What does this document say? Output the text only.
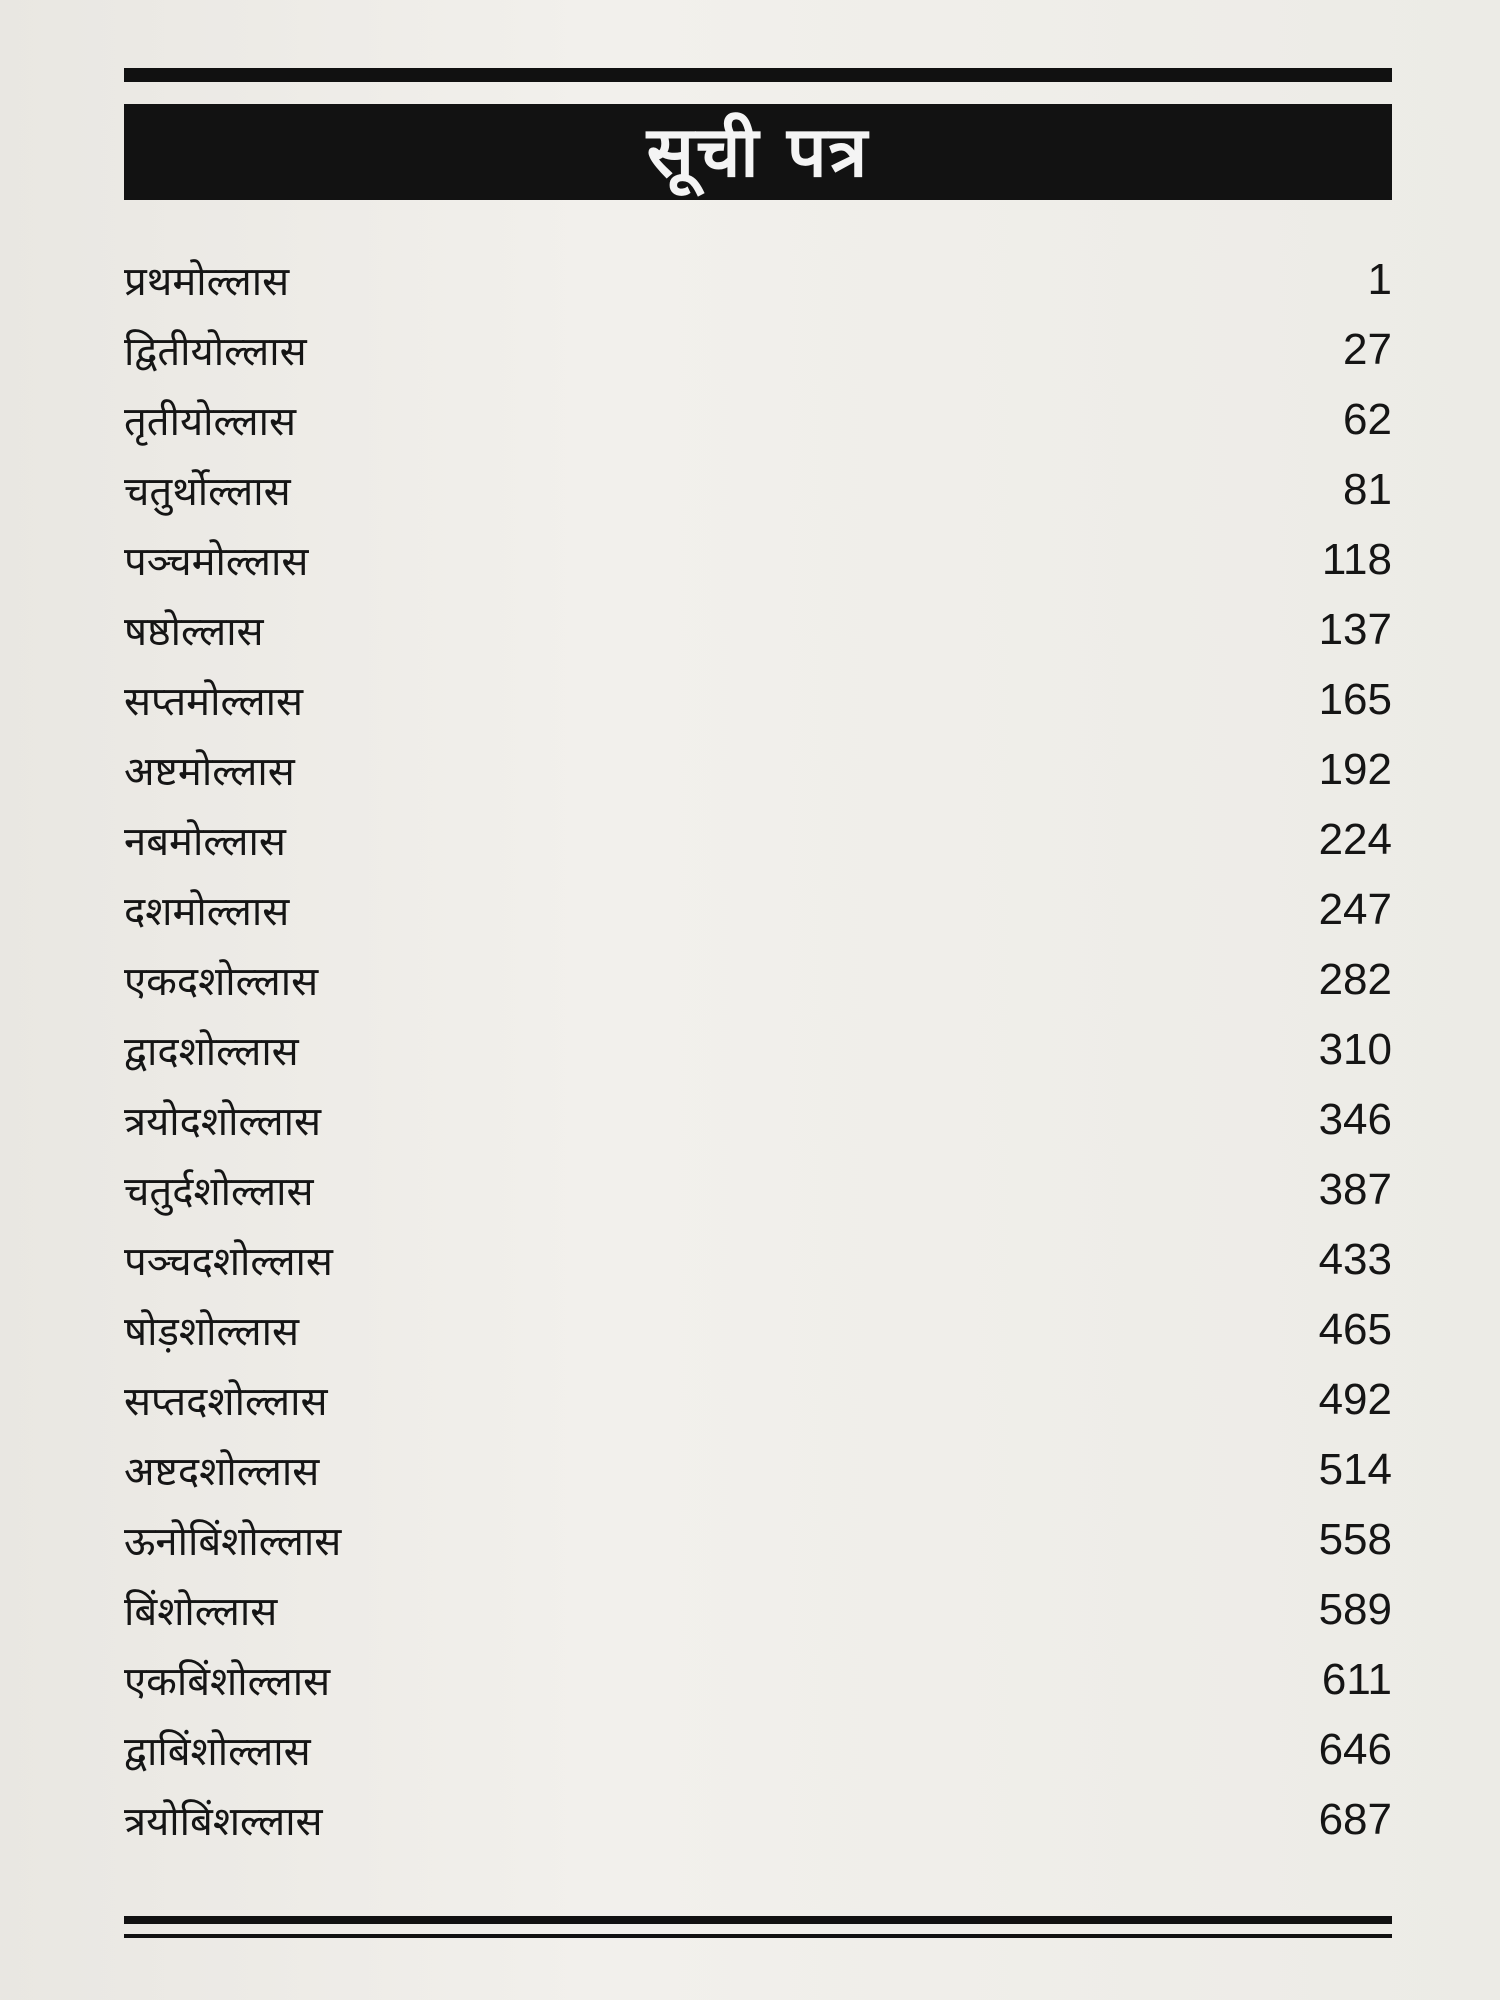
सूची पत्र
प्रथमोल्लास	1
द्वितीयोल्लास	27
तृतीयोल्लास	62
चतुर्थोल्लास	81
पञ्चमोल्लास	118
षष्ठोल्लास	137
सप्तमोल्लास	165
अष्टमोल्लास	192
नबमोल्लास	224
दशमोल्लास	247
एकदशोल्लास	282
द्वादशोल्लास	310
त्रयोदशोल्लास	346
चतुर्दशोल्लास	387
पञ्चदशोल्लास	433
षोड़शोल्लास	465
सप्तदशोल्लास	492
अष्टदशोल्लास	514
ऊनोबिंशोल्लास	558
बिंशोल्लास	589
एकबिंशोल्लास	611
द्वाबिंशोल्लास	646
त्रयोबिंशल्लास	687
